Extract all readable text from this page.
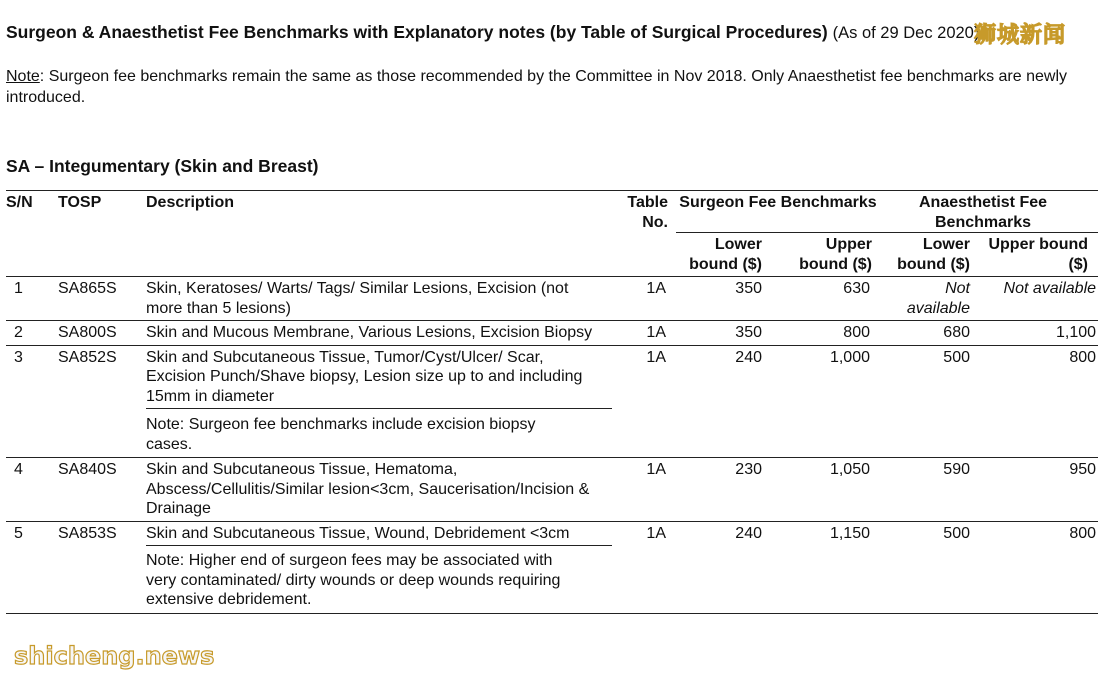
Surgeon & Anaesthetist Fee Benchmarks with Explanatory notes (by Table of Surgical Procedures) (As of 29 Dec 2020)
Note: Surgeon fee benchmarks remain the same as those recommended by the Committee in Nov 2018. Only Anaesthetist fee benchmarks are newly introduced.
SA – Integumentary (Skin and Breast)
S/N	TOSP	Description	Table No.	Surgeon Fee Benchmarks		Anaesthetist Fee Benchmarks	
				Lower bound ($)	Upper bound ($)	Lower bound ($)	Upper bound ($)
1	SA865S	Skin, Keratoses/ Warts/ Tags/ Similar Lesions, Excision (not more than 5 lesions)	1A	350	630	Not available	Not available
2	SA800S	Skin and Mucous Membrane, Various Lesions, Excision Biopsy	1A	350	800	680	1,100
3	SA852S	Skin and Subcutaneous Tissue, Tumor/Cyst/Ulcer/ Scar, Excision Punch/Shave biopsy, Lesion size up to and including 15mm in diameter	1A	240	1,000	500	800
		Note: Surgeon fee benchmarks include excision biopsy cases.					
4	SA840S	Skin and Subcutaneous Tissue, Hematoma, Abscess/Cellulitis/Similar lesion<3cm, Saucerisation/Incision & Drainage	1A	230	1,050	590	950
5	SA853S	Skin and Subcutaneous Tissue, Wound, Debridement <3cm	1A	240	1,150	500	800
		Note: Higher end of surgeon fees may be associated with very contaminated/ dirty wounds or deep wounds requiring extensive debridement.					
狮城新闻
shicheng.news
